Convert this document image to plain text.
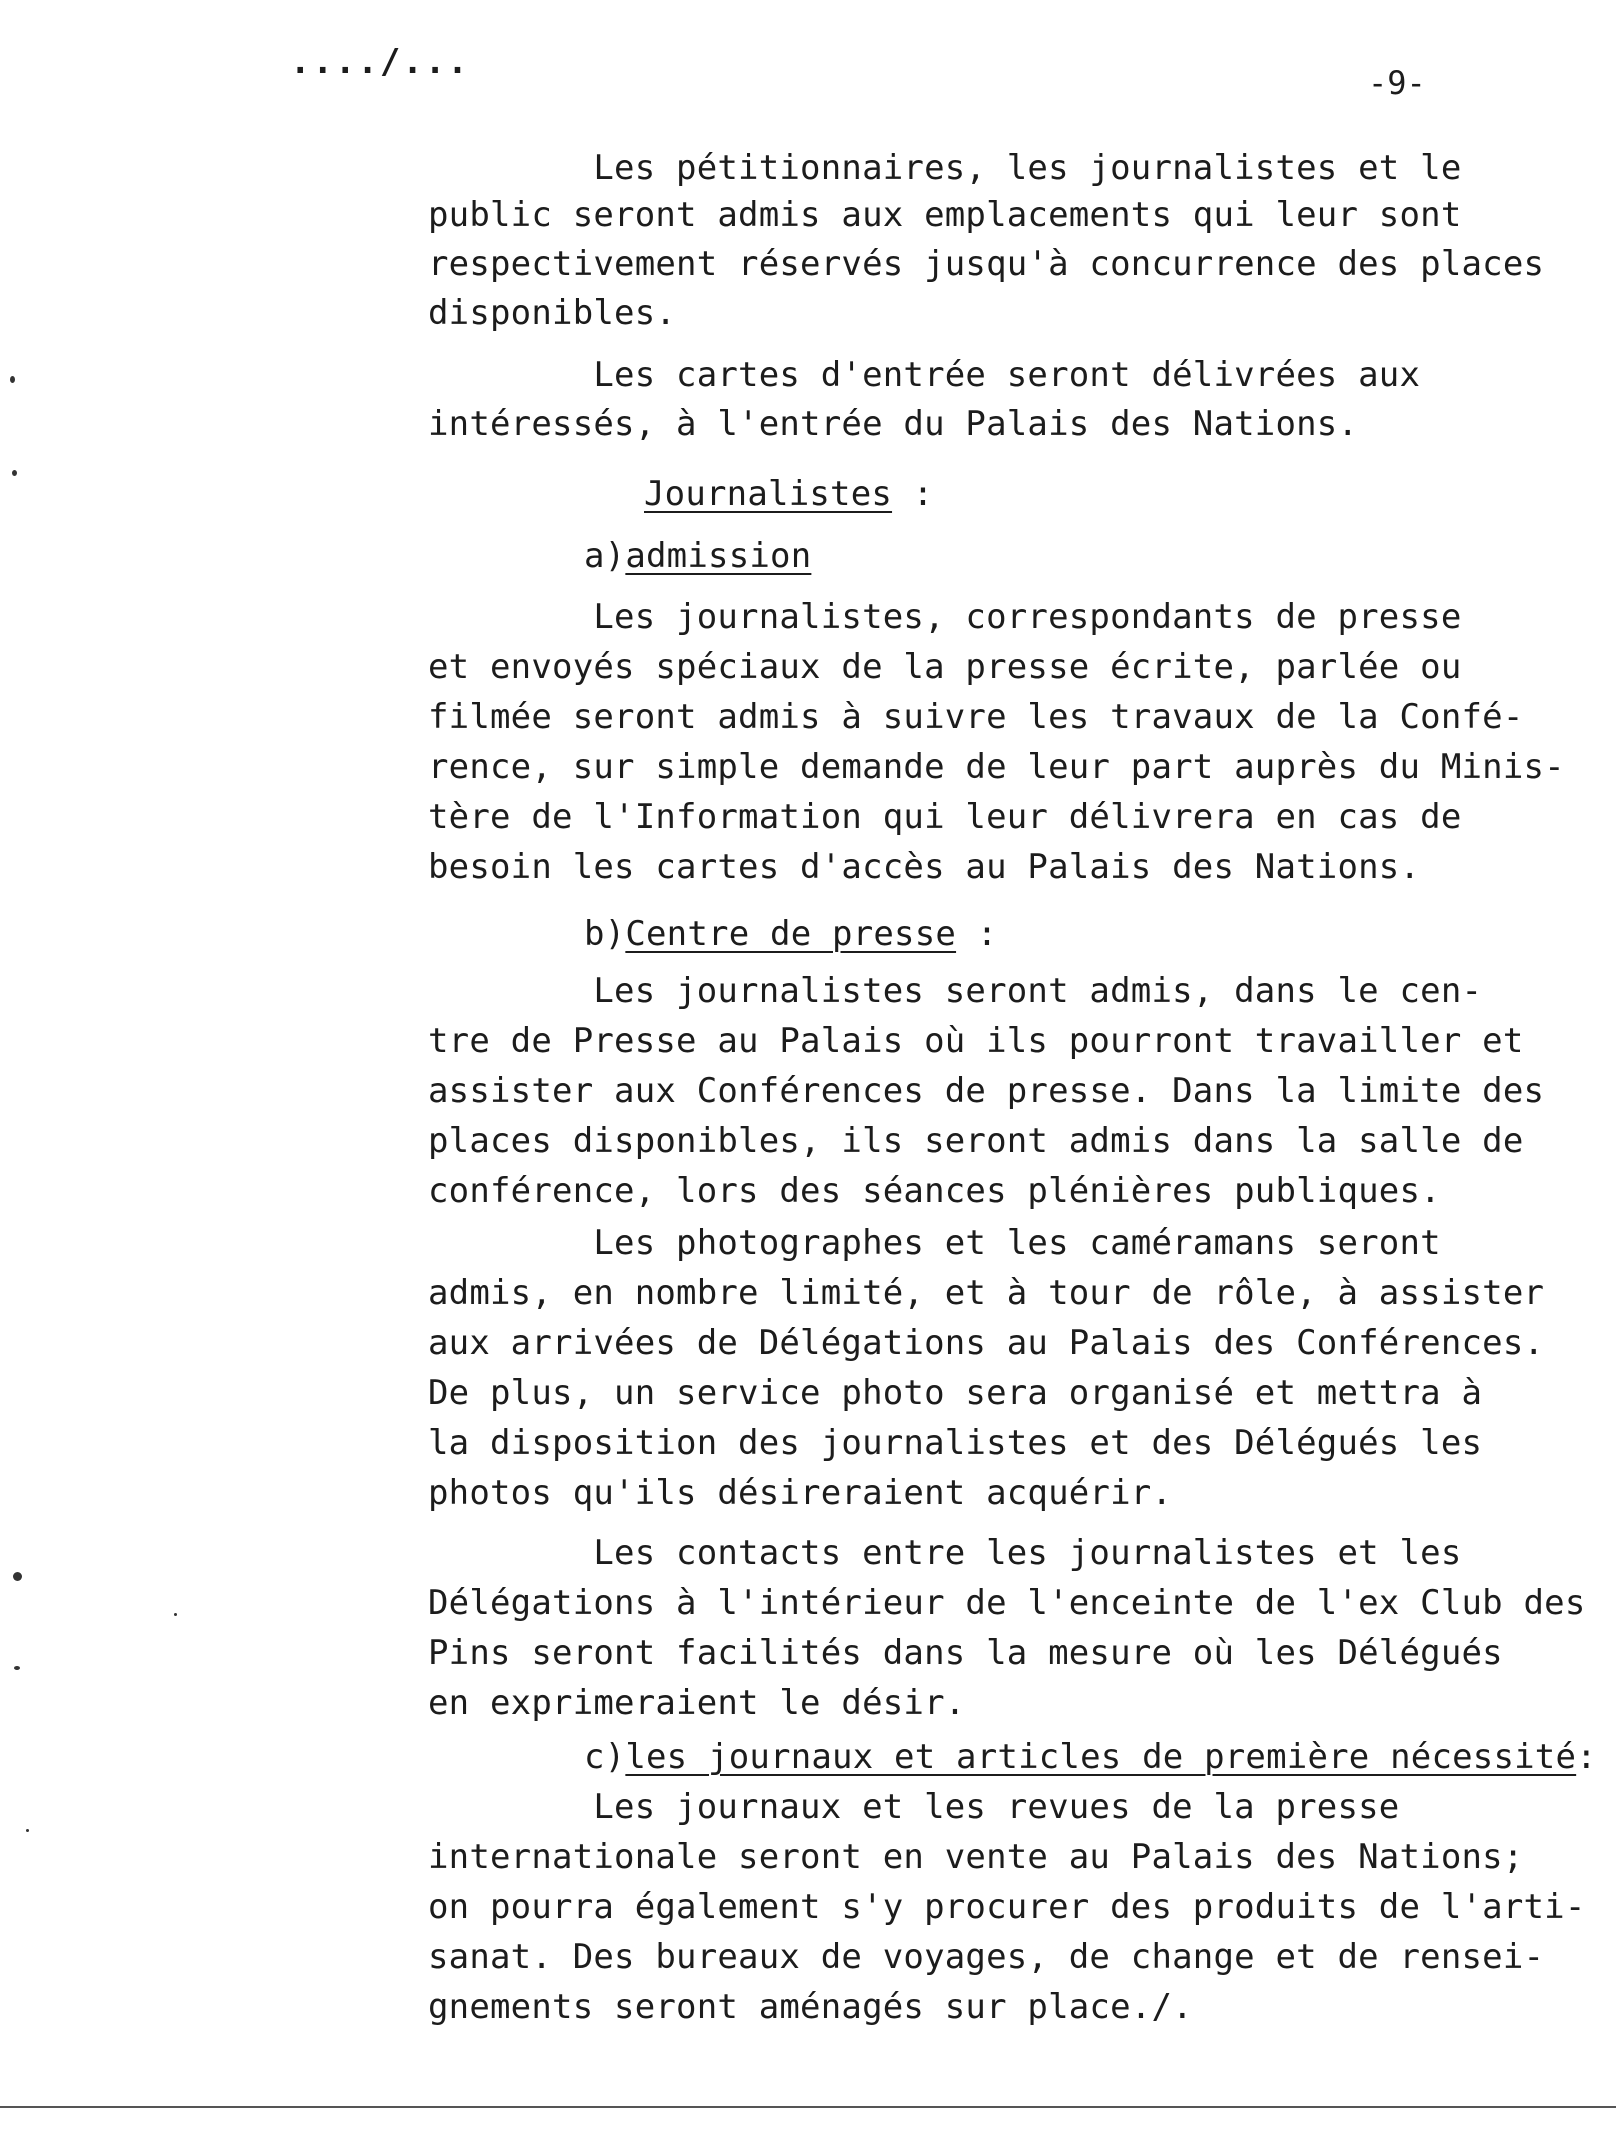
..../...
-9-
Les pétitionnaires, les journalistes et le
public seront admis aux emplacements qui leur sont
respectivement réservés jusqu'à concurrence des places
disponibles.
Les cartes d'entrée seront délivrées aux
intéressés, à l'entrée du Palais des Nations.
Journalistes :
a)admission
Les journalistes, correspondants de presse
et envoyés spéciaux de la presse écrite, parlée ou
filmée seront admis à suivre les travaux de la Confé-
rence, sur simple demande de leur part auprès du Minis-
tère de l'Information qui leur délivrera en cas de
besoin les cartes d'accès au Palais des Nations.
b)Centre de presse :
Les journalistes seront admis, dans le cen-
tre de Presse au Palais où ils pourront travailler et
assister aux Conférences de presse. Dans la limite des
places disponibles, ils seront admis dans la salle de
conférence, lors des séances plénières publiques.
Les photographes et les caméramans seront
admis, en nombre limité, et à tour de rôle, à assister
aux arrivées de Délégations au Palais des Conférences.
De plus, un service photo sera organisé et mettra à
la disposition des journalistes et des Délégués les
photos qu'ils désireraient acquérir.
Les contacts entre les journalistes et les
Délégations à l'intérieur de l'enceinte de l'ex Club des
Pins seront facilités dans la mesure où les Délégués
en exprimeraient le désir.
c)les journaux et articles de première nécessité:
Les journaux et les revues de la presse
internationale seront en vente au Palais des Nations;
on pourra également s'y procurer des produits de l'arti-
sanat. Des bureaux de voyages, de change et de rensei-
gnements seront aménagés sur place./.
